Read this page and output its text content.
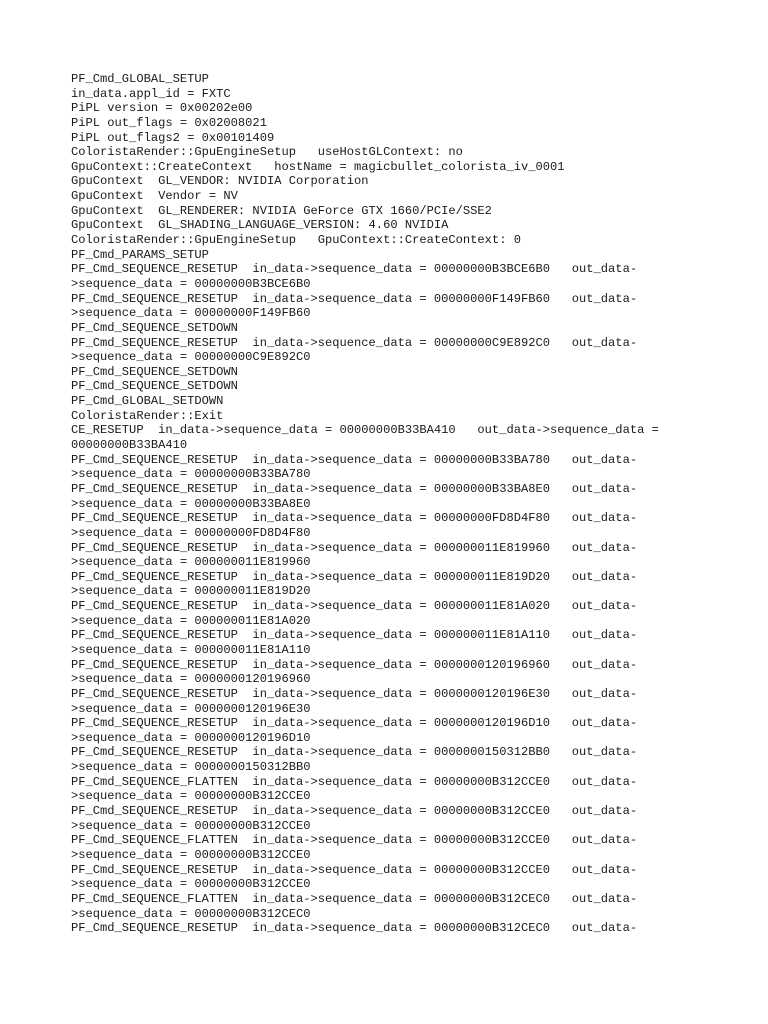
PF_Cmd_GLOBAL_SETUP
in_data.appl_id = FXTC
PiPL version = 0x00202e00
PiPL out_flags = 0x02008021
PiPL out_flags2 = 0x00101409
ColoristaRender::GpuEngineSetup   useHostGLContext: no
GpuContext::CreateContext   hostName = magicbullet_colorista_iv_0001
GpuContext  GL_VENDOR: NVIDIA Corporation
GpuContext  Vendor = NV
GpuContext  GL_RENDERER: NVIDIA GeForce GTX 1660/PCIe/SSE2
GpuContext  GL_SHADING_LANGUAGE_VERSION: 4.60 NVIDIA
ColoristaRender::GpuEngineSetup   GpuContext::CreateContext: 0
PF_Cmd_PARAMS_SETUP
PF_Cmd_SEQUENCE_RESETUP  in_data->sequence_data = 00000000B3BCE6B0   out_data-
>sequence_data = 00000000B3BCE6B0
PF_Cmd_SEQUENCE_RESETUP  in_data->sequence_data = 00000000F149FB60   out_data-
>sequence_data = 00000000F149FB60
PF_Cmd_SEQUENCE_SETDOWN
PF_Cmd_SEQUENCE_RESETUP  in_data->sequence_data = 00000000C9E892C0   out_data-
>sequence_data = 00000000C9E892C0
PF_Cmd_SEQUENCE_SETDOWN
PF_Cmd_SEQUENCE_SETDOWN
PF_Cmd_GLOBAL_SETDOWN
ColoristaRender::Exit
CE_RESETUP  in_data->sequence_data = 00000000B33BA410   out_data->sequence_data =
00000000B33BA410
PF_Cmd_SEQUENCE_RESETUP  in_data->sequence_data = 00000000B33BA780   out_data-
>sequence_data = 00000000B33BA780
PF_Cmd_SEQUENCE_RESETUP  in_data->sequence_data = 00000000B33BA8E0   out_data-
>sequence_data = 00000000B33BA8E0
PF_Cmd_SEQUENCE_RESETUP  in_data->sequence_data = 00000000FD8D4F80   out_data-
>sequence_data = 00000000FD8D4F80
PF_Cmd_SEQUENCE_RESETUP  in_data->sequence_data = 000000011E819960   out_data-
>sequence_data = 000000011E819960
PF_Cmd_SEQUENCE_RESETUP  in_data->sequence_data = 000000011E819D20   out_data-
>sequence_data = 000000011E819D20
PF_Cmd_SEQUENCE_RESETUP  in_data->sequence_data = 000000011E81A020   out_data-
>sequence_data = 000000011E81A020
PF_Cmd_SEQUENCE_RESETUP  in_data->sequence_data = 000000011E81A110   out_data-
>sequence_data = 000000011E81A110
PF_Cmd_SEQUENCE_RESETUP  in_data->sequence_data = 0000000120196960   out_data-
>sequence_data = 0000000120196960
PF_Cmd_SEQUENCE_RESETUP  in_data->sequence_data = 0000000120196E30   out_data-
>sequence_data = 0000000120196E30
PF_Cmd_SEQUENCE_RESETUP  in_data->sequence_data = 0000000120196D10   out_data-
>sequence_data = 0000000120196D10
PF_Cmd_SEQUENCE_RESETUP  in_data->sequence_data = 0000000150312BB0   out_data-
>sequence_data = 0000000150312BB0
PF_Cmd_SEQUENCE_FLATTEN  in_data->sequence_data = 00000000B312CCE0   out_data-
>sequence_data = 00000000B312CCE0
PF_Cmd_SEQUENCE_RESETUP  in_data->sequence_data = 00000000B312CCE0   out_data-
>sequence_data = 00000000B312CCE0
PF_Cmd_SEQUENCE_FLATTEN  in_data->sequence_data = 00000000B312CCE0   out_data-
>sequence_data = 00000000B312CCE0
PF_Cmd_SEQUENCE_RESETUP  in_data->sequence_data = 00000000B312CCE0   out_data-
>sequence_data = 00000000B312CCE0
PF_Cmd_SEQUENCE_FLATTEN  in_data->sequence_data = 00000000B312CEC0   out_data-
>sequence_data = 00000000B312CEC0
PF_Cmd_SEQUENCE_RESETUP  in_data->sequence_data = 00000000B312CEC0   out_data-
